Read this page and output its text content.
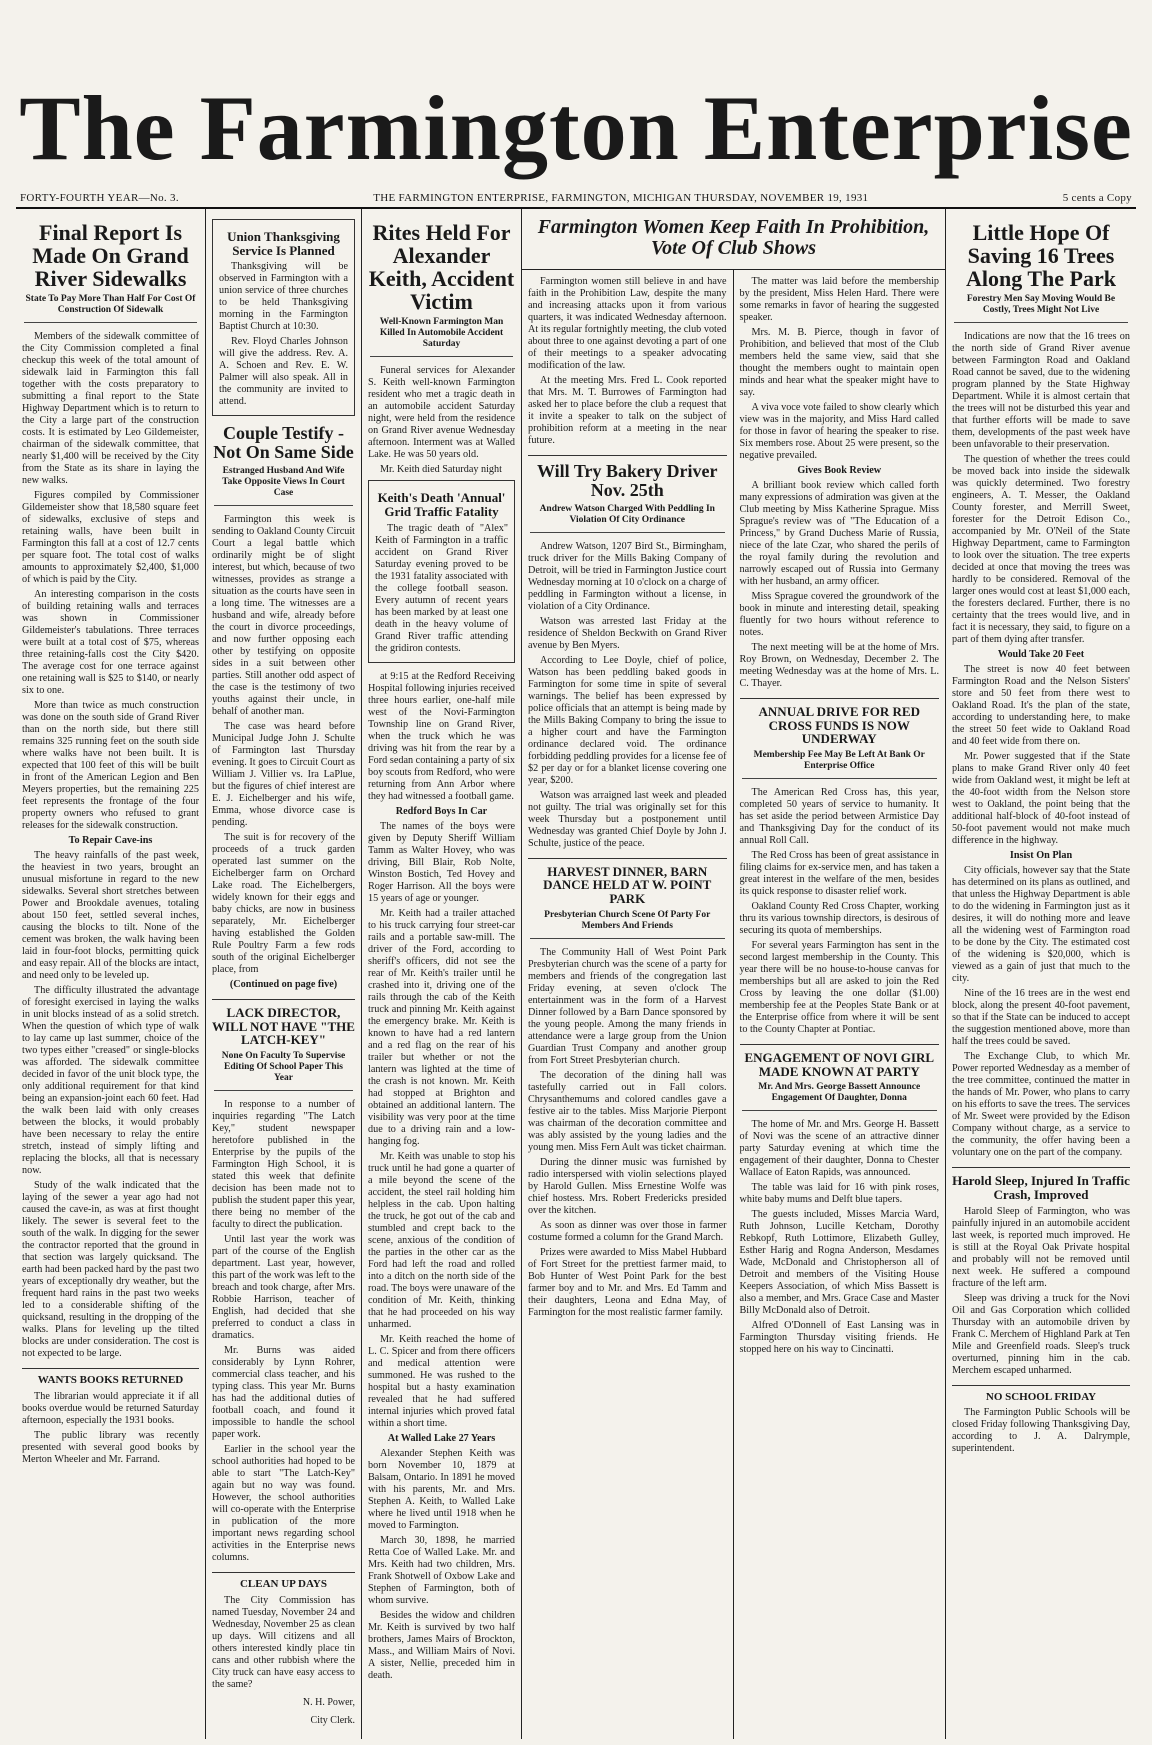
The Farmington Enterprise
FORTY-FOURTH YEAR—No. 3.	THE FARMINGTON ENTERPRISE, FARMINGTON, MICHIGAN THURSDAY, NOVEMBER 19, 1931	5 cents a Copy
Final Report Is Made On Grand River Sidewalks
State To Pay More Than Half For Cost Of Construction Of Sidewalk

Members of the sidewalk committee of the City Commission completed a final checkup this week of the total amount of sidewalk laid in Farmington this fall together with the costs preparatory to submitting a final report to the State Highway Department which is to return to the City a large part of the construction costs. It is estimated by Leo Gildemeister, chairman of the sidewalk committee, that nearly $1,400 will be received by the City from the State as its share in laying the new walks.

Figures compiled by Commissioner Gildemeister show that 18,580 square feet of sidewalks, exclusive of steps and retaining walls, have been built in Farmington this fall at a cost of 12.7 cents per square foot. The total cost of walks amounts to approximately $2,400, $1,000 of which is paid by the City.

An interesting comparison in the costs of building retaining walls and terraces was shown in Commissioner Gildemeister's tabulations. Three terraces were built at a total cost of $75, whereas three retaining-falls cost the City $420. The average cost for one terrace against one retaining wall is $25 to $140, or nearly six to one.

More than twice as much construction was done on the south side of Grand River than on the north side, but there still remains 325 running feet on the south side where walks have not been built. It is expected that 100 feet of this will be built in front of the American Legion and Ben Meyers properties, but the remaining 225 feet represents the frontage of the four property owners who refused to grant releases for the sidewalk construction.

To Repair Cave-ins

The heavy rainfalls of the past week, the heaviest in two years, brought an unusual misfortune in regard to the new sidewalks. Several short stretches between Power and Brookdale avenues, totaling about 150 feet, settled several inches, causing the blocks to tilt. None of the cement was broken, the walk having been laid in four-foot blocks, permitting quick and easy repair. All of the blocks are intact, and need only to be leveled up.

The difficulty illustrated the advantage of foresight exercised in laying the walks in unit blocks instead of as a solid stretch. When the question of which type of walk to lay came up last summer, choice of the two types either "creased" or single-blocks was afforded. The sidewalk committee decided in favor of the unit block type, the only additional requirement for that kind being an expansion-joint each 60 feet. Had the walk been laid with only creases between the blocks, it would probably have been necessary to relay the entire stretch, instead of simply lifting and replacing the blocks, all that is necessary now.

Study of the walk indicated that the laying of the sewer a year ago had not caused the cave-in, as was at first thought likely. The sewer is several feet to the south of the walk. In digging for the sewer the contractor reported that the ground in that section was largely quicksand. The earth had been packed hard by the past two years of exceptionally dry weather, but the frequent hard rains in the past two weeks led to a considerable shifting of the quicksand, resulting in the dropping of the walks. Plans for leveling up the tilted blocks are under consideration. The cost is not expected to be large.

WANTS BOOKS RETURNED

The librarian would appreciate it if all books overdue would be returned Saturday afternoon, especially the 1931 books.

The public library was recently presented with several good books by Merton Wheeler and Mr. Farrand.

Union Thanksgiving Service Is Planned

Thanksgiving will be observed in Farmington with a union service of three churches to be held Thanksgiving morning in the Farmington Baptist Church at 10:30.

Rev. Floyd Charles Johnson will give the address. Rev. A. A. Schoen and Rev. E. W. Palmer will also speak. All in the community are invited to attend.

Couple Testify - Not On Same Side
Estranged Husband And Wife Take Opposite Views In Court Case

Farmington this week is sending to Oakland County Circuit Court a legal battle which ordinarily might be of slight interest, but which, because of two witnesses, provides as strange a situation as the courts have seen in a long time. The witnesses are a husband and wife, already before the court in divorce proceedings, and now further opposing each other by testifying on opposite sides in a suit between other parties. Still another odd aspect of the case is the testimony of two youths against their uncle, in behalf of another man.

The case was heard before Municipal Judge John J. Schulte of Farmington last Thursday evening. It goes to Circuit Court as William J. Villier vs. Ira LaPlue, but the figures of chief interest are E. J. Eichelberger and his wife, Emma, whose divorce case is pending.

The suit is for recovery of the proceeds of a truck garden operated last summer on the Eichelberger farm on Orchard Lake road. The Eichelbergers, widely known for their eggs and baby chicks, are now in business separately, Mr. Eichelberger having established the Golden Rule Poultry Farm a few rods south of the original Eichelberger place, from

(Continued on page five)
LACK DIRECTOR, WILL NOT HAVE "THE LATCH-KEY"
None On Faculty To Supervise Editing Of School Paper This Year

In response to a number of inquiries regarding "The Latch Key," student newspaper heretofore published in the Enterprise by the pupils of the Farmington High School, it is stated this week that definite decision has been made not to publish the student paper this year, there being no member of the faculty to direct the publication.

Until last year the work was part of the course of the English department. Last year, however, this part of the work was left to the breach and took charge, after Mrs. Robbie Harrison, teacher of English, had decided that she preferred to conduct a class in dramatics.

Mr. Burns was aided considerably by Lynn Rohrer, commercial class teacher, and his typing class. This year Mr. Burns has had the additional duties of football coach, and found it impossible to handle the school paper work.

Earlier in the school year the school authorities had hoped to be able to start "The Latch-Key" again but no way was found. However, the school authorities will co-operate with the Enterprise in publication of the more important news regarding school activities in the Enterprise news columns.

CLEAN UP DAYS

The City Commission has named Tuesday, November 24 and Wednesday, November 25 as clean up days. Will citizens and all others interested kindly place tin cans and other rubbish where the City truck can have easy access to the same?

N. H. Power,
City Clerk.
Rites Held For Alexander Keith, Accident Victim
Well-Known Farmington Man Killed In Automobile Accident Saturday

Funeral services for Alexander S. Keith well-known Farmington resident who met a tragic death in an automobile accident Saturday night, were held from the residence on Grand River avenue Wednesday afternoon. Interment was at Walled Lake. He was 50 years old.

Mr. Keith died Saturday night

Keith's Death 'Annual' Grid Traffic Fatality

The tragic death of "Alex" Keith of Farmington in a traffic accident on Grand River Saturday evening proved to be the 1931 fatality associated with the college football season. Every autumn of recent years has been marked by at least one death in the heavy volume of Grand River traffic attending the gridiron contests.

at 9:15 at the Redford Receiving Hospital following injuries received three hours earlier, one-half mile west of the Novi-Farmington Township line on Grand River, when the truck which he was driving was hit from the rear by a Ford sedan containing a party of six boy scouts from Redford, who were returning from Ann Arbor where they had witnessed a football game.

Redford Boys In Car

The names of the boys were given by Deputy Sheriff William Tamm as Walter Hovey, who was driving, Bill Blair, Rob Nolte, Winston Bostich, Ted Hovey and Roger Harrison. All the boys were 15 years of age or younger.

Mr. Keith had a trailer attached to his truck carrying four street-car rails and a portable saw-mill. The driver of the Ford, according to sheriff's officers, did not see the rear of Mr. Keith's trailer until he crashed into it, driving one of the rails through the cab of the Keith truck and pinning Mr. Keith against the emergency brake. Mr. Keith is known to have had a red lantern and a red flag on the rear of his trailer but whether or not the lantern was lighted at the time of the crash is not known. Mr. Keith had stopped at Brighton and obtained an additional lantern. The visibility was very poor at the time due to a driving rain and a low-hanging fog.

Mr. Keith was unable to stop his truck until he had gone a quarter of a mile beyond the scene of the accident, the steel rail holding him helpless in the cab. Upon halting the truck, he got out of the cab and stumbled and crept back to the scene, anxious of the condition of the parties in the other car as the Ford had left the road and rolled into a ditch on the north side of the road. The boys were unaware of the condition of Mr. Keith, thinking that he had proceeded on his way unharmed.

Mr. Keith reached the home of L. C. Spicer and from there officers and medical attention were summoned. He was rushed to the hospital but a hasty examination revealed that he had suffered internal injuries which proved fatal within a short time.

At Walled Lake 27 Years

Alexander Stephen Keith was born November 10, 1879 at Balsam, Ontario. In 1891 he moved with his parents, Mr. and Mrs. Stephen A. Keith, to Walled Lake where he lived until 1918 when he moved to Farmington.

March 30, 1898, he married Retta Coe of Walled Lake. Mr. and Mrs. Keith had two children, Mrs. Frank Shotwell of Oxbow Lake and Stephen of Farmington, both of whom survive.

Besides the widow and children Mr. Keith is survived by two half brothers, James Mairs of Brockton, Mass., and William Mairs of Novi. A sister, Nellie, preceded him in death.

Farmington Women Keep Faith In Prohibition, Vote Of Club Shows

Farmington women still believe in and have faith in the Prohibition Law, despite the many and increasing attacks upon it from various quarters, it was indicated Wednesday afternoon. At its regular fortnightly meeting, the club voted about three to one against devoting a part of one of their meetings to a speaker advocating modification of the law.

At the meeting Mrs. Fred L. Cook reported that Mrs. M. T. Burrowes of Farmington had asked her to place before the club a request that it invite a speaker to talk on the subject of prohibition reform at a meeting in the near future.

Will Try Bakery Driver Nov. 25th
Andrew Watson Charged With Peddling In Violation Of City Ordinance

Andrew Watson, 1207 Bird St., Birmingham, truck driver for the Mills Baking Company of Detroit, will be tried in Farmington Justice court Wednesday morning at 10 o'clock on a charge of peddling in Farmington without a license, in violation of a City Ordinance.

Watson was arrested last Friday at the residence of Sheldon Beckwith on Grand River avenue by Ben Myers.

According to Lee Doyle, chief of police, Watson has been peddling baked goods in Farmington for some time in spite of several warnings. The belief has been expressed by police officials that an attempt is being made by the Mills Baking Company to bring the issue to a higher court and have the Farmington ordinance declared void. The ordinance forbidding peddling provides for a license fee of $2 per day or for a blanket license covering one year, $200.

Watson was arraigned last week and pleaded not guilty. The trial was originally set for this week Thursday but a postponement until Wednesday was granted Chief Doyle by John J. Schulte, justice of the peace.

HARVEST DINNER, BARN DANCE HELD AT W. POINT PARK
Presbyterian Church Scene Of Party For Members And Friends

The Community Hall of West Point Park Presbyterian church was the scene of a party for members and friends of the congregation last Friday evening, at seven o'clock The entertainment was in the form of a Harvest Dinner followed by a Barn Dance sponsored by the young people. Among the many friends in attendance were a large group from the Union Guardian Trust Company and another group from Fort Street Presbyterian church.

The decoration of the dining hall was tastefully carried out in Fall colors. Chrysanthemums and colored candles gave a festive air to the tables. Miss Marjorie Pierpont was chairman of the decoration committee and was ably assisted by the young ladies and the young men. Miss Fern Ault was ticket chairman.

During the dinner music was furnished by radio interspersed with violin selections played by Harold Gullen. Miss Ernestine Wolfe was chief hostess. Mrs. Robert Fredericks presided over the kitchen.

As soon as dinner was over those in farmer costume formed a column for the Grand March.

Prizes were awarded to Miss Mabel Hubbard of Fort Street for the prettiest farmer maid, to Bob Hunter of West Point Park for the best farmer boy and to Mr. and Mrs. Ed Tamm and their daughters, Leona and Edna May, of Farmington for the most realistic farmer family.

The matter was laid before the membership by the president, Miss Helen Hard. There were some remarks in favor of hearing the suggested speaker.

Mrs. M. B. Pierce, though in favor of Prohibition, and believed that most of the Club members held the same view, said that she thought the members ought to maintain open minds and hear what the speaker might have to say.

A viva voce vote failed to show clearly which view was in the majority, and Miss Hard called for those in favor of hearing the speaker to rise. Six members rose. About 25 were present, so the negative prevailed.

Gives Book Review

A brilliant book review which called forth many expressions of admiration was given at the Club meeting by Miss Katherine Sprague. Miss Sprague's review was of "The Education of a Princess," by Grand Duchess Marie of Russia, niece of the late Czar, who shared the perils of the royal family during the revolution and narrowly escaped out of Russia into Germany with her husband, an army officer.

Miss Sprague covered the groundwork of the book in minute and interesting detail, speaking fluently for two hours without reference to notes.

The next meeting will be at the home of Mrs. Roy Brown, on Wednesday, December 2. The meeting Wednesday was at the home of Mrs. L. C. Thayer.

ANNUAL DRIVE FOR RED CROSS FUNDS IS NOW UNDERWAY
Membership Fee May Be Left At Bank Or Enterprise Office

The American Red Cross has, this year, completed 50 years of service to humanity. It has set aside the period between Armistice Day and Thanksgiving Day for the conduct of its annual Roll Call.

The Red Cross has been of great assistance in filing claims for ex-service men, and has taken a great interest in the welfare of the men, besides its quick response to disaster relief work.

Oakland County Red Cross Chapter, working thru its various township directors, is desirous of securing its quota of memberships.

For several years Farmington has sent in the second largest membership in the County. This year there will be no house-to-house canvas for memberships but all are asked to join the Red Cross by leaving the one dollar ($1.00) membership fee at the Peoples State Bank or at the Enterprise office from where it will be sent to the County Chapter at Pontiac.

ENGAGEMENT OF NOVI GIRL MADE KNOWN AT PARTY
Mr. And Mrs. George Bassett Announce Engagement Of Daughter, Donna

The home of Mr. and Mrs. George H. Bassett of Novi was the scene of an attractive dinner party Saturday evening at which time the engagement of their daughter, Donna to Chester Wallace of Eaton Rapids, was announced.

The table was laid for 16 with pink roses, white baby mums and Delft blue tapers.

The guests included, Misses Marcia Ward, Ruth Johnson, Lucille Ketcham, Dorothy Rebkopf, Ruth Lottimore, Elizabeth Gulley, Esther Harig and Rogna Anderson, Mesdames Wade, McDonald and Christopherson all of Detroit and members of the Visiting House Keepers Association, of which Miss Bassett is also a member, and Mrs. Grace Case and Master Billy McDonald also of Detroit.

Alfred O'Donnell of East Lansing was in Farmington Thursday visiting friends. He stopped here on his way to Cincinatti.

Little Hope Of Saving 16 Trees Along The Park
Forestry Men Say Moving Would Be Costly, Trees Might Not Live

Indications are now that the 16 trees on the north side of Grand River avenue between Farmington Road and Oakland Road cannot be saved, due to the widening program planned by the State Highway Department. While it is almost certain that the trees will not be disturbed this year and that further efforts will be made to save them, developments of the past week have been unfavorable to their preservation.

The question of whether the trees could be moved back into inside the sidewalk was quickly determined. Two forestry engineers, A. T. Messer, the Oakland County forester, and Merrill Sweet, forester for the Detroit Edison Co., accompanied by Mr. O'Neil of the State Highway Department, came to Farmington to look over the situation. The tree experts decided at once that moving the trees was hardly to be considered. Removal of the larger ones would cost at least $1,000 each, the foresters declared. Further, there is no certainty that the trees would live, and in fact it is necessary, they said, to figure on a part of them dying after transfer.

Would Take 20 Feet

The street is now 40 feet between Farmington Road and the Nelson Sisters' store and 50 feet from there west to Oakland Road. It's the plan of the state, according to understanding here, to make the street 50 feet wide to Oakland Road and 40 feet wide from there on.

Mr. Power suggested that if the State plans to make Grand River only 40 feet wide from Oakland west, it might be left at the 40-foot width from the Nelson store west to Oakland, the point being that the additional half-block of 40-foot instead of 50-foot pavement would not make much difference in the highway.

Insist On Plan

City officials, however say that the State has determined on its plans as outlined, and that unless the Highway Department is able to do the widening in Farmington just as it desires, it will do nothing more and leave all the widening west of Farmington road to be done by the City. The estimated cost of the widening is $20,000, which is viewed as a gain of just that much to the city.

Nine of the 16 trees are in the west end block, along the present 40-foot pavement, so that if the State can be induced to accept the suggestion mentioned above, more than half the trees could be saved.

The Exchange Club, to which Mr. Power reported Wednesday as a member of the tree committee, continued the matter in the hands of Mr. Power, who plans to carry on his efforts to save the trees. The services of Mr. Sweet were provided by the Edison Company without charge, as a service to the community, the offer having been a voluntary one on the part of the company.

Harold Sleep, Injured In Traffic Crash, Improved

Harold Sleep of Farmington, who was painfully injured in an automobile accident last week, is reported much improved. He is still at the Royal Oak Private hospital and probably will not be removed until next week. He suffered a compound fracture of the left arm.

Sleep was driving a truck for the Novi Oil and Gas Corporation which collided Thursday with an automobile driven by Frank C. Merchem of Highland Park at Ten Mile and Greenfield roads. Sleep's truck overturned, pinning him in the cab. Merchem escaped unharmed.

NO SCHOOL FRIDAY

The Farmington Public Schools will be closed Friday following Thanksgiving Day, according to J. A. Dalrymple, superintendent.
